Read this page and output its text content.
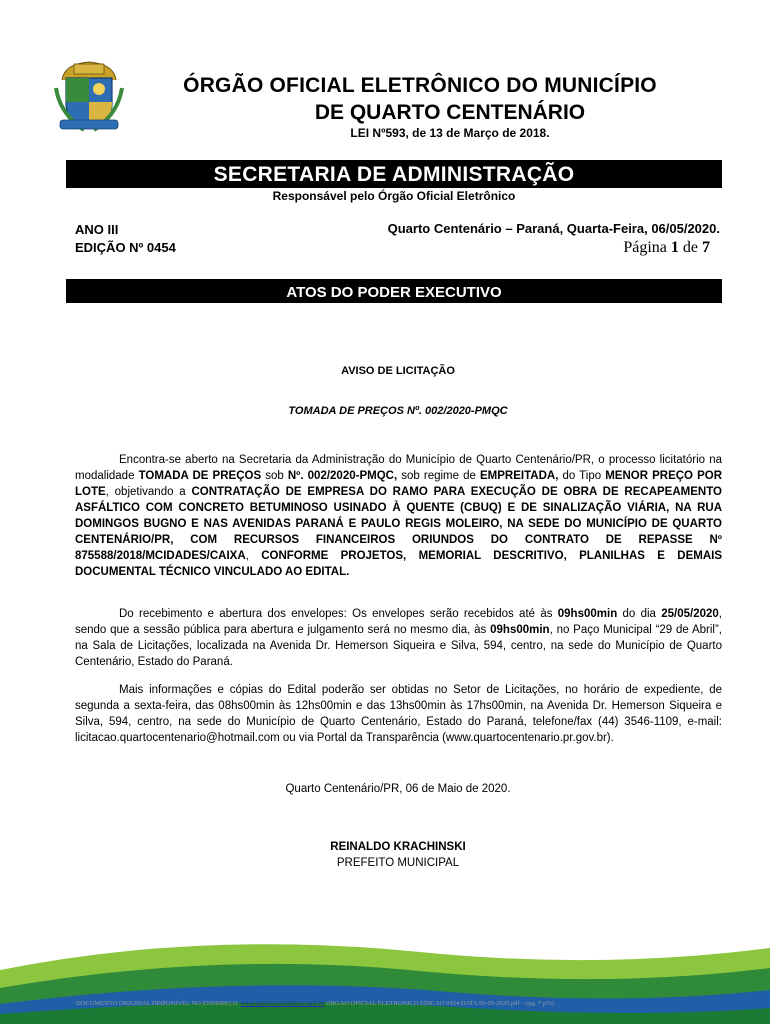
ÓRGÃO OFICIAL ELETRÔNICO DO MUNICÍPIO
DE QUARTO CENTENÁRIO
LEI Nº593, de 13 de Março de 2018.
SECRETARIA DE ADMINISTRAÇÃO
Responsável pelo Órgão Oficial Eletrônico
ANO III
EDIÇÃO Nº 0454
Quarto Centenário – Paraná, Quarta-Feira, 06/05/2020.
Página 1 de 7
ATOS DO PODER EXECUTIVO
AVISO DE LICITAÇÃO
TOMADA DE PREÇOS Nº. 002/2020-PMQC
Encontra-se aberto na Secretaria da Administração do Município de Quarto Centenário/PR, o processo licitatório na modalidade TOMADA DE PREÇOS sob Nº. 002/2020-PMQC, sob regime de EMPREITADA, do Tipo MENOR PREÇO POR LOTE, objetivando a CONTRATAÇÃO DE EMPRESA DO RAMO PARA EXECUÇÃO DE OBRA DE RECAPEAMENTO ASFÁLTICO COM CONCRETO BETUMINOSO USINADO À QUENTE (CBUQ) E DE SINALIZAÇÃO VIÁRIA, NA RUA DOMINGOS BUGNO E NAS AVENIDAS PARANÁ E PAULO REGIS MOLEIRO, NA SEDE DO MUNICÍPIO DE QUARTO CENTENÁRIO/PR, COM RECURSOS FINANCEIROS ORIUNDOS DO CONTRATO DE REPASSE Nº 875588/2018/MCIDADES/CAIXA, CONFORME PROJETOS, MEMORIAL DESCRITIVO, PLANILHAS E DEMAIS DOCUMENTAL TÉCNICO VINCULADO AO EDITAL.
Do recebimento e abertura dos envelopes: Os envelopes serão recebidos até às 09hs00min do dia 25/05/2020, sendo que a sessão pública para abertura e julgamento será no mesmo dia, às 09hs00min, no Paço Municipal “29 de Abril”, na Sala de Licitações, localizada na Avenida Dr. Hemerson Siqueira e Silva, 594, centro, na sede do Município de Quarto Centenário, Estado do Paraná.
Mais informações e cópias do Edital poderão ser obtidas no Setor de Licitações, no horário de expediente, de segunda a sexta-feira, das 08hs00min às 12hs00min e das 13hs00min às 17hs00min, na Avenida Dr. Hemerson Siqueira e Silva, 594, centro, na sede do Município de Quarto Centenário, Estado do Paraná, telefone/fax (44) 3546-1109, e-mail: licitacao.quartocentenario@hotmail.com ou via Portal da Transparência (www.quartocentenario.pr.gov.br).
Quarto Centenário/PR, 06 de Maio de 2020.
REINALDO KRACHINSKI
PREFEITO MUNICIPAL
DOCUMENTO ORIGINAL DISPONÍVEL NO ENDEREÇO: www.quartocentenario.pr.gov.br ORGAO OFICIAL ELETRONICO EDICAO 0454 DATA 06-05-2020.pdf – (pg. * p7s)
